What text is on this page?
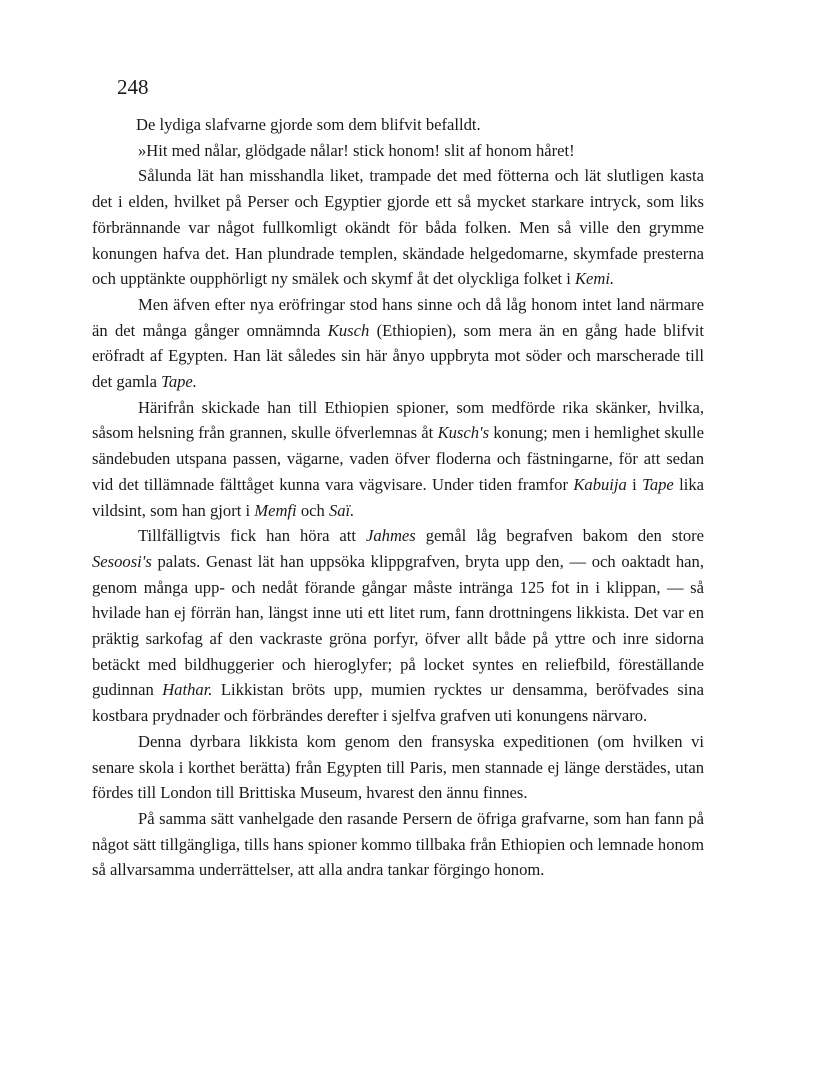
248

De lydiga slafvarne gjorde som dem blifvit befalldt.

»Hit med nålar, glödgade nålar! stick honom! slit af honom håret!

Sålunda lät han misshandla liket, trampade det med fötterna och lät slutligen kasta det i elden, hvilket på Perser och Egyptier gjorde ett så mycket starkare intryck, som liks förbrännande var något fullkomligt okändt för båda folken. Men så ville den grymme konungen hafva det. Han plundrade templen, skändade helgedomarne, skymfade presterna och upptänkte oupphörligt ny smälek och skymf åt det olyckliga folket i Kemi.

Men äfven efter nya eröfringar stod hans sinne och då låg honom intet land närmare än det många gånger omnämnda Kusch (Ethiopien), som mera än en gång hade blifvit eröfradt af Egypten. Han lät således sin här ånyo uppbryta mot söder och marscherade till det gamla Tape.

Härifrån skickade han till Ethiopien spioner, som medförde rika skänker, hvilka, såsom helsning från grannen, skulle öfverlemnas åt Kusch's konung; men i hemlighet skulle sändebuden utspana passen, vägarne, vaden öfver floderna och fästningarne, för att sedan vid det tillämnade fälttåget kunna vara vägvisare. Under tiden framfor Kabuija i Tape lika vildsint, som han gjort i Memfi och Saï.

Tillfälligtvis fick han höra att Jahmes gemål låg begrafven bakom den store Sesoosi's palats. Genast lät han uppsöka klippgrafven, bryta upp den, — och oaktadt han, genom många upp- och nedåt förande gångar måste intränga 125 fot in i klippan, — så hvilade han ej förrän han, längst inne uti ett litet rum, fann drottningens likkista. Det var en präktig sarkofag af den vackraste gröna porfyr, öfver allt både på yttre och inre sidorna betäckt med bildhuggerier och hieroglyfer; på locket syntes en reliefbild, föreställande gudinnan Hathar. Likkistan bröts upp, mumien rycktes ur densamma, beröfvades sina kostbara prydnader och förbrändes derefter i sjelfva grafven uti konungens närvaro.

Denna dyrbara likkista kom genom den fransyska expeditionen (om hvilken vi senare skola i korthet berätta) från Egypten till Paris, men stannade ej länge derstädes, utan fördes till London till Brittiska Museum, hvarest den ännu finnes.

På samma sätt vanhelgade den rasande Persern de öfriga grafvarne, som han fann på något sätt tillgängliga, tills hans spioner kommo tillbaka från Ethiopien och lemnade honom så allvarsamma underrättelser, att alla andra tankar förgingo honom.
